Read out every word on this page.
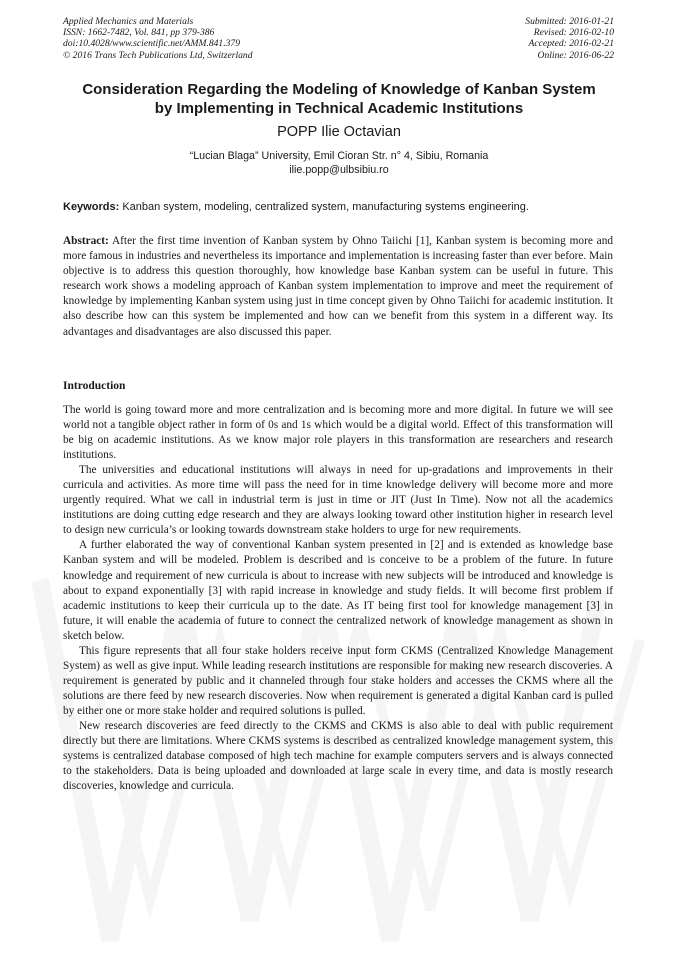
Applied Mechanics and Materials
ISSN: 1662-7482, Vol. 841, pp 379-386
doi:10.4028/www.scientific.net/AMM.841.379
© 2016 Trans Tech Publications Ltd, Switzerland
Submitted: 2016-01-21
Revised: 2016-02-10
Accepted: 2016-02-21
Online: 2016-06-22
Consideration Regarding the Modeling of Knowledge of Kanban System
by Implementing in Technical Academic Institutions
POPP Ilie Octavian
“Lucian Blaga” University, Emil Cioran Str. n° 4, Sibiu, Romania
ilie.popp@ulbsibiu.ro
Keywords: Kanban system, modeling, centralized system, manufacturing systems engineering.
Abstract: After the first time invention of Kanban system by Ohno Taiichi [1], Kanban system is becoming more and more famous in industries and nevertheless its importance and implementation is increasing faster than ever before. Main objective is to address this question thoroughly, how knowledge base Kanban system can be useful in future. This research work shows a modeling approach of Kanban system implementation to improve and meet the requirement of knowledge by implementing Kanban system using just in time concept given by Ohno Taiichi for academic institution. It also describe how can this system be implemented and how can we benefit from this system in a different way. Its advantages and disadvantages are also discussed this paper.
Introduction

The world is going toward more and more centralization and is becoming more and more digital. In future we will see world not a tangible object rather in form of 0s and 1s which would be a digital world. Effect of this transformation will be big on academic institutions. As we know major role players in this transformation are researchers and research institutions.

The universities and educational institutions will always in need for up-gradations and improvements in their curricula and activities. As more time will pass the need for in time knowledge delivery will become more and more urgently required. What we call in industrial term is just in time or JIT (Just In Time). Now not all the academics institutions are doing cutting edge research and they are always looking toward other institution higher in research level to design new curricula’s or looking towards downstream stake holders to urge for new requirements.

A further elaborated the way of conventional Kanban system presented in [2] and is extended as knowledge base Kanban system and will be modeled. Problem is described and is conceive to be a problem of the future. In future knowledge and requirement of new curricula is about to increase with new subjects will be introduced and knowledge is about to expand exponentially [3] with rapid increase in knowledge and study fields. It will become first problem if academic institutions to keep their curricula up to the date. As IT being first tool for knowledge management [3] in future, it will enable the academia of future to connect the centralized network of knowledge management as shown in sketch below.

This figure represents that all four stake holders receive input form CKMS (Centralized Knowledge Management System) as well as give input. While leading research institutions are responsible for making new research discoveries. A requirement is generated by public and it channeled through four stake holders and accesses the CKMS where all the solutions are there feed by new research discoveries. Now when requirement is generated a digital Kanban card is pulled by either one or more stake holder and required solutions is pulled.

New research discoveries are feed directly to the CKMS and CKMS is also able to deal with public requirement directly but there are limitations. Where CKMS systems is described as centralized knowledge management system, this systems is centralized database composed of high tech machine for example computers servers and is always connected to the stakeholders. Data is being uploaded and downloaded at large scale in every time, and data is mostly research discoveries, knowledge and curricula.
